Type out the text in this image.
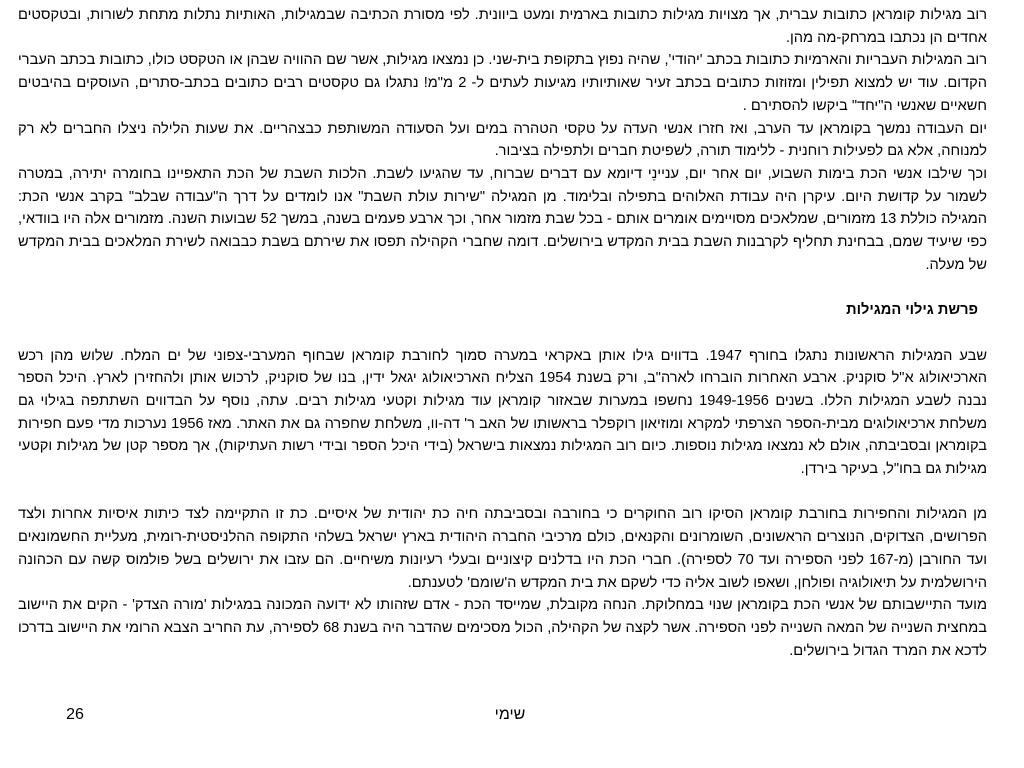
רוב מגילות קומראן כתובות עברית, אך מצויות מגילות כתובות בארמית ומעט ביוונית. לפי מסורת הכתיבה שבמגילות, האותיות נתלות מתחת לשורות, ובטקסטים אחדים הן נכתבו במרחק-מה מהן.

רוב המגילות העבריות והארמיות כתובות בכתב 'יהודי', שהיה נפוץ בתקופת בית-שני. כן נמצאו מגילות, אשר שם ההוויה שבהן או הטקסט כולו, כתובות בכתב העברי הקדום. עוד יש למצוא תפילין ומזוזות כתובים בכתב זעיר שאותיותיו מגיעות לעתים ל- 2 מ"מ! נתגלו גם טקסטים רבים כתובים בכתב-סתרים, העוסקים בהיבטים חשאיים שאנשי ה"יחד" ביקשו להסתירם .

יום העבודה נמשך בקומראן עד הערב, ואז חזרו אנשי העדה על טקסי הטהרה במים ועל הסעודה המשותפת כבצהריים. את שעות הלילה ניצלו החברים לא רק למנוחה, אלא גם לפעילות רוחנית - ללימוד תורה, לשפיטת חברים ולתפילה בציבור.

וכך שילבו אנשי הכת בימות השבוע, יום אחר יום, עניינֵי דיומא עם דברים שברוח, עד שהגיעו לשבת. הלכות השבת של הכת התאפיינו בחומרה יתירה, במטרה לשמור על קדושת היום. עיקרן היה עבודת האלוהים בתפילה ובלימוד. מן המגילה "שירות עולת השבת" אנו לומדים על דרך ה"עבודה שבלב" בקרב אנשי הכת: המגילה כוללת 13 מזמורים, שמלאכים מסויימים אומרים אותם - בכל שבת מזמור אחר, וכך ארבע פעמים בשנה, במשך 52 שבועות השנה. מזמורים אלה היו בוודאי, כפי שיעיד שמם, בבחינת תחליף לקרבנות השבת בבית המקדש בירושלים. דומה שחברי הקהילה תפסו את שירתם בשבת כבבואה לשירת המלאכים בבית המקדש של מעלה.

פרשת גילוי המגילות

שבע המגילות הראשונות נתגלו בחורף 1947. בדווים גילו אותן באקראי במערה סמוך לחורבת קומראן שבחוף המערבי-צפוני של ים המלח. שלוש מהן רכש הארכיאולוג א"ל סוקניק. ארבע האחרות הוברחו לארה"ב, ורק בשנת 1954 הצליח הארכיאולוג יגאל ידין, בנו של סוקניק, לרכוש אותן ולהחזירן לארץ. היכל הספר נבנה לשבע המגילות הללו. בשנים 1949-1956 נחשפו במערות שבאזור קומראן עוד מגילות וקטעי מגילות רבים. עתה, נוסף על הבדווים השתתפה בגילוי גם משלחת ארכיאולוגים מבית-הספר הצרפתי למקרא ומוזיאון רוקפלר בראשותו של האב ר' דה-וו, משלחת שחפרה גם את האתר. מאז 1956 נערכות מדי פעם חפירות בקומראן ובסביבתה, אולם לא נמצאו מגילות נוספות. כיום רוב המגילות נמצאות בישראל (בידי היכל הספר ובידי רשות העתיקות), אך מספר קטן של מגילות וקטעי מגילות גם בחו"ל, בעיקר בירדן.

מן המגילות והחפירות בחורבת קומראן הסיקו רוב החוקרים כי בחורבה ובסביבתה חיה כת יהודית של איסיים. כת זו התקיימה לצד כיתות איסיות אחרות ולצד הפרושים, הצדוקים, הנוצרים הראשונים, השומרונים והקנאים, כולם מרכיבי החברה היהודית בארץ ישראל בשלהי התקופה ההלניסטית-רומית, מעליית החשמונאים ועד החורבן (מ-167 לפני הספירה ועד 70 לספירה). חברי הכת היו בדלנים קיצוניים ובעלי רעיונות משיחיים. הם עזבו את ירושלים בשל פולמוס קשה עם הכהונה הירושלמית על תיאולוגיה ופולחן, ושאפו לשוב אליה כדי לשקם את בית המקדש ה'שומם' לטענתם.

מועד התיישבותם של אנשי הכת בקומראן שנוי במחלוקת. הנחה מקובלת, שמייסד הכת - אדם שזהותו לא ידועה המכונה במגילות 'מורה הצדק' - הקים את היישוב במחצית השנייה של המאה השנייה לפני הספירה. אשר לקצה של הקהילה, הכול מסכימים שהדבר היה בשנת 68 לספירה, עת החריב הצבא הרומי את היישוב בדרכו לדכא את המרד הגדול בירושלים.

שימי
26
